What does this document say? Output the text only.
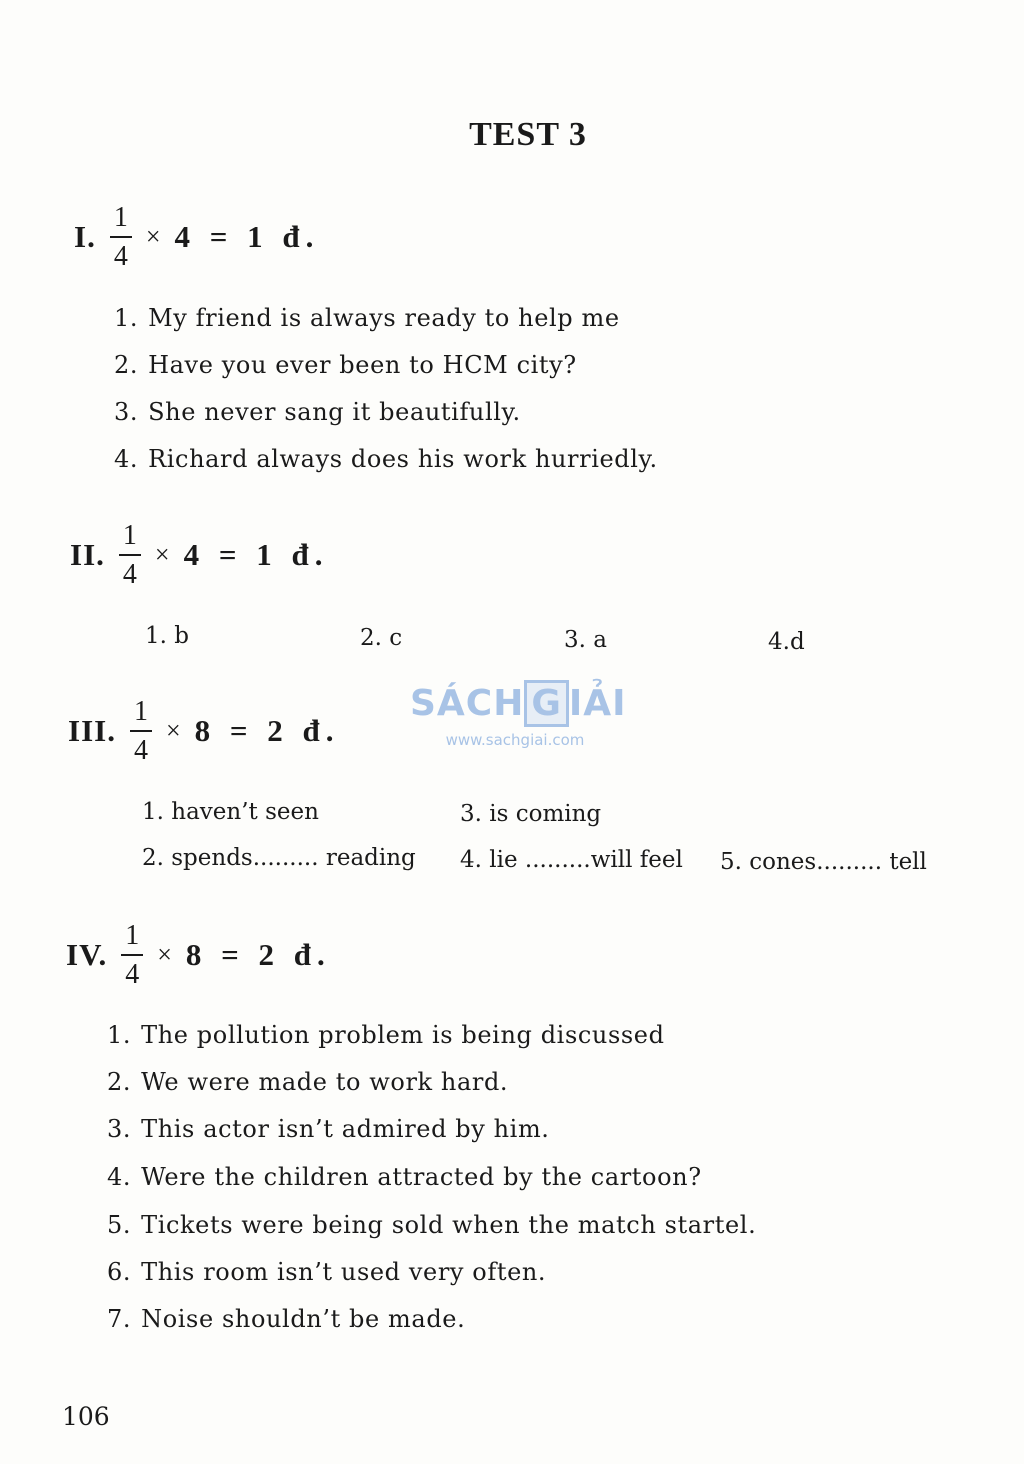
TEST 3
I. $\frac{1}{4} \times 4 = 1$ đ.
1. My friend is always ready to help me
2. Have you ever been to HCM city?
3. She never sang it beautifully.
4. Richard always does his work hurriedly.
II. $\frac{1}{4} \times 4 = 1$ đ.
1. b	2. c	3. a	4.d
SÁCH G IẢI
www.sachgiai.com
III. $\frac{1}{4} \times 8 = 2$ đ.
1. haven’t seen	3. is coming
2. spends......... reading 4. lie .........will feel 5. cones......... tell
IV. $\frac{1}{4} \times 8 = 2$ đ.
1. The pollution problem is being discussed
2. We were made to work hard.
3. This actor isn’t admired by him.
4. Were the children attracted by the cartoon?
5. Tickets were being sold when the match startel.
6. This room isn’t used very often.
7. Noise shouldn’t be made.
106
